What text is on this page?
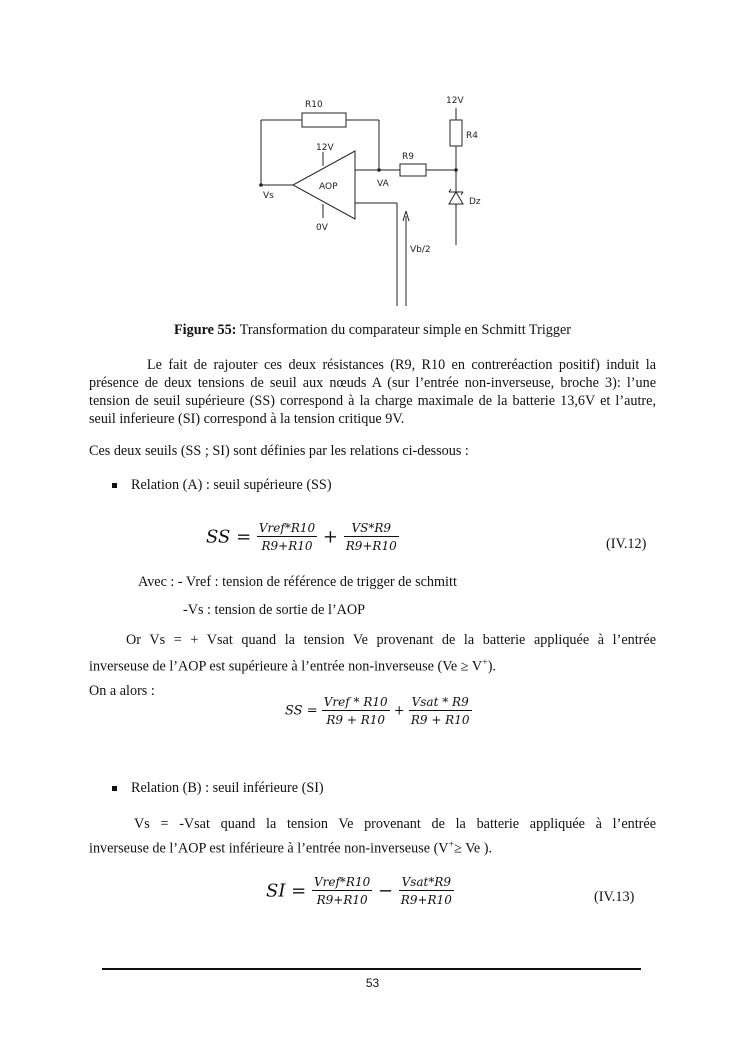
R10	12V
R4
12V
R9
AOP	VA
Vs
Dz
0V
Vb/2
Figure 55: Transformation du comparateur simple en Schmitt Trigger
Le fait de rajouter ces deux résistances (R9, R10 en contreréaction positif) induit la présence de deux tensions de seuil aux nœuds A (sur l’entrée non-inverseuse, broche 3): l’une tension de seuil supérieure (SS) correspond à la charge maximale de la batterie 13,6V et l’autre, seuil inferieure (SI) correspond à la tension critique 9V.
Ces deux seuils (SS ; SI) sont définies par les relations ci-dessous :
Relation (A) : seuil supérieure (SS)
SS = $\frac{\text{Vref*R10}}{R9+R10} + \frac{VS*R9}{R9+R10}$	(IV.12)
Avec : - Vref : tension de référence de trigger de schmitt
-Vs : tension de sortie de l’AOP
Or Vs = + Vsat quand la tension Ve provenant de la batterie appliquée à l’entrée
inverseuse de l’AOP est supérieure à l’entrée non-inverseuse (Ve ≥ V+).
On a alors :
SS = $\frac{\text{Vref * R10}}{R9 + R10} + \frac{\text{Vsat * R9}}{R9 + R10}$
Relation (B) : seuil inférieure (SI)
Vs = -Vsat quand la tension Ve provenant de la batterie appliquée à l’entrée
inverseuse de l’AOP est inférieure à l’entrée non-inverseuse (V+≥ Ve ).
SI = $\frac{\text{Vref*R10}}{R9+R10} - \frac{\text{Vsat*R9}}{R9+R10}$	(IV.13)
53
